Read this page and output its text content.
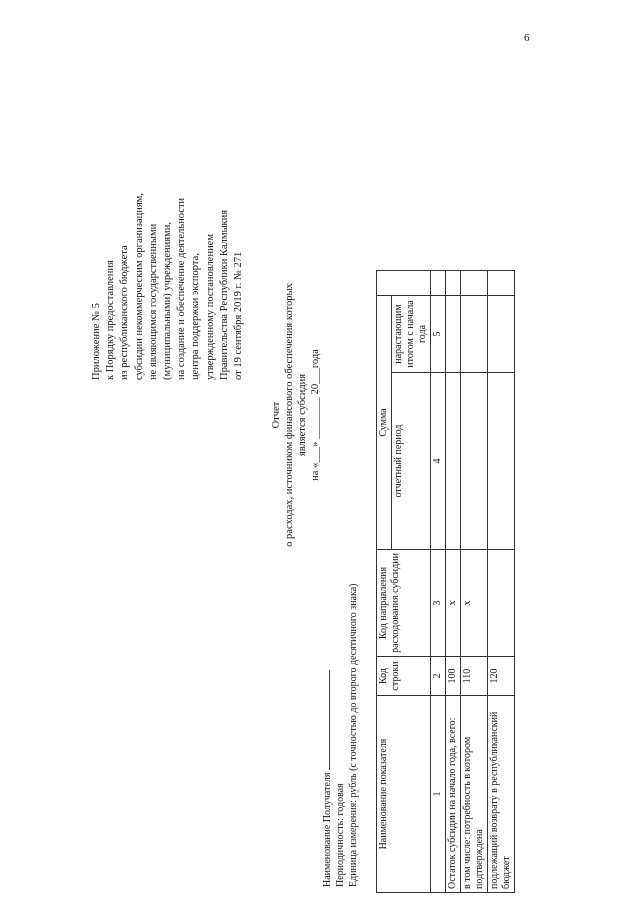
6
Приложение № 5 к Порядку предоставления из республиканского бюджета субсидии некоммерческим организациям, не являющимся государственными (муниципальными) учреждениями, на создание и обеспечение деятельности центра поддержки экспорта, утвержденному постановлением Правительства Республики Калмыкия от 19 сентября 2019 г. № 271
Отчет о расходах, источником финансового обеспечения которых является субсидия на «___» ________ 20___года
Наименование Получателя Периодичность: годовая Единица измерения: рубль (с точностью до второго десятичного знака) Наименование показателя	Код строки	Код направления расходования субсидии	Сумма		
			отчетный период	нарастающим итогом с начала года	
1	2	3	4	5	
Остаток субсидии на начало года, всего:	100	x			
в том числе: потребность в котором подтверждена	110	x			
подлежащий возврату в республиканский бюджет	120				
